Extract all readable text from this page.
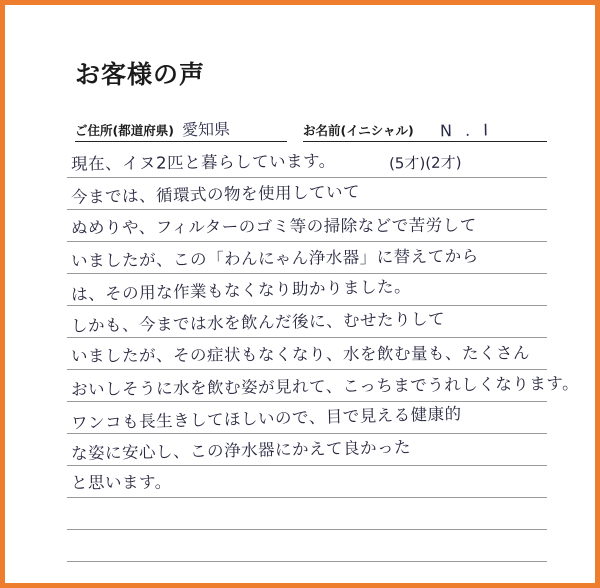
お客様の声
ご住所(都道府県) 愛知県	お名前(イニシャル)	N . I
現在、イヌ2匹と暮らしています。	(5才)(2才)
今までは、循環式の物を使用していて
ぬめりや、フィルターのゴミ等の掃除などで苦労して
いましたが、この「わんにゃん浄水器」に替えてから
は、その用な作業もなくなり助かりました。
しかも、今までは水を飲んだ後に、むせたりして
いましたが、その症状もなくなり、水を飲む量も、たくさん
おいしそうに水を飲む姿が見れて、こっちまでうれしくなります。
ワンコも長生きしてほしいので、目で見える健康的
な姿に安心し、この浄水器にかえて良かった
と思います。
